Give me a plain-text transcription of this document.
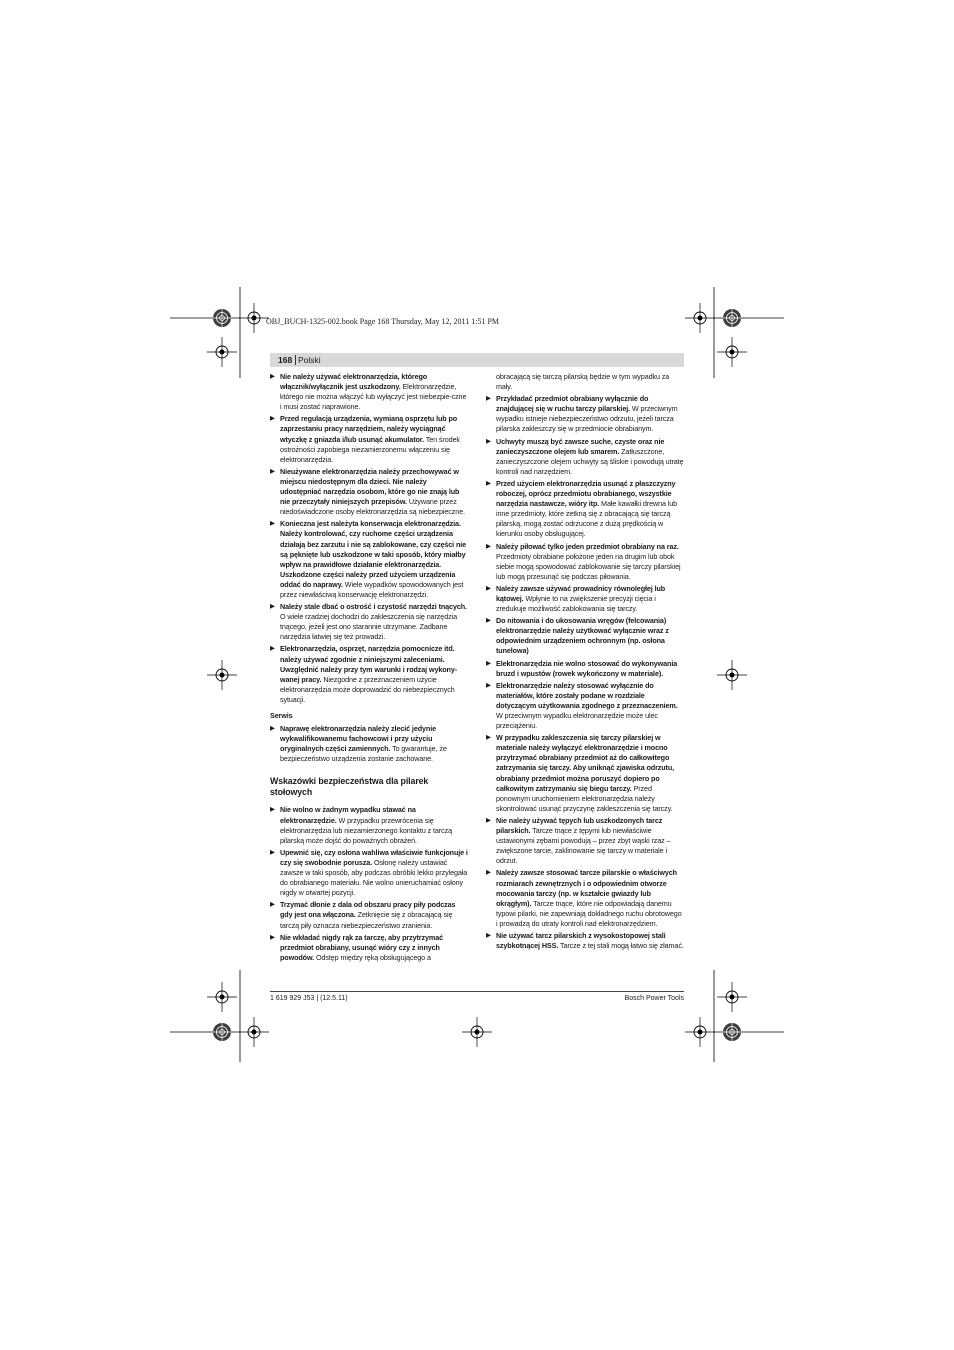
OBJ_BUCH-1325-002.book Page 168 Thursday, May 12, 2011 1:51 PM
168 Polski
▶ Nie należy używać elektronarzędzia, którego włącznik/wyłącznik jest uszkodzony. Elektronarzędzie, którego nie można włączyć lub wyłączyć jest niebezpie-czne i musi zostać naprawione.
▶ Przed regulacją urządzenia, wymianą osprzętu lub po zaprzestaniu pracy narzędziem, należy wyciągnąć wtyczkę z gniazda i/lub usunąć akumulator. Ten środek ostrożności zapobiega niezamierzonemu włączeniu się elektronarzędzia.
▶ Nieużywane elektronarzędzia należy przechowywać w miejscu niedostępnym dla dzieci. Nie należy udostępniać narzędzia osobom, które go nie znają lub nie przeczytały niniejszych przepisów. Używane przez niedoświadczone osoby elektronarzędzia są niebezpieczne.
▶ Konieczna jest należyta konserwacja elektronarzędzia. Należy kontrolować, czy ruchome części urządzenia działają bez zarzutu i nie są zablokowane, czy części nie są pęknięte lub uszkodzone w taki sposób, który miałby wpływ na prawidłowe działanie elektronarzędzia. Uszkodzone części należy przed użyciem urządzenia oddać do naprawy. Wiele wypadków spowodowanych jest przez niewłaściwą konserwację elektronarzędzi.
▶ Należy stale dbać o ostrość i czystość narzędzi tnących. O wiele rzadziej dochodzi do zakleszczenia się narzędzia tnącego, jeżeli jest ono starannie utrzymane. Zadbane narzędzia łatwiej się też prowadzi.
▶ Elektronarzędzia, osprzęt, narzędzia pomocnicze itd. należy używać zgodnie z niniejszymi zaleceniami. Uwzględnić należy przy tym warunki i rodzaj wykony-wanej pracy. Niezgodne z przeznaczeniem użycie elektronarzędzia może doprowadzić do niebezpiecznych sytuacji.
Serwis
▶ Naprawę elektronarzędzia należy zlecić jedynie wykwalifikowanemu fachowcowi i przy użyciu oryginalnych części zamiennych. To gwarantuje, że bezpieczeństwo urządzenia zostanie zachowane.
Wskazówki bezpieczeństwa dla pilarek stołowych
▶ Nie wolno w żadnym wypadku stawać na elektronarzędzie. W przypadku przewrócenia się elektronarzędzia lub niezamierzonego kontaktu z tarczą pilarską może dojść do poważnych obrażeń.
▶ Upewnić się, czy osłona wahliwa właściwie funkcjonuje i czy się swobodnie porusza. Osłonę należy ustawiać zawsze w taki sposób, aby podczas obróbki lekko przylegała do obrabianego materiału. Nie wolno unieruchamiać osłony nigdy w otwartej pozycji.
▶ Trzymać dłonie z dala od obszaru pracy piły podczas gdy jest ona włączona. Zetknięcie się z obracającą się tarczą piły oznacza niebezpieczeństwo zranienia.
▶ Nie wkładać nigdy rąk za tarczę, aby przytrzymać przedmiot obrabiany, usunąć wióry czy z innych powodów. Odstęp między ręką obsługującego a
obracającą się tarczą pilarską będzie w tym wypadku za mały.
▶ Przykładać przedmiot obrabiany wyłącznie do znajdującej się w ruchu tarczy pilarskiej. W przeciwnym wypadku istnieje niebezpieczeństwo odrzutu, jeżeli tarcza pilarska zakleszczy się w przedmiocie obrabianym.
▶ Uchwyty muszą być zawsze suche, czyste oraz nie zanieczyszczone olejem lub smarem. Zatłuszczone, zanieczyszczone olejem uchwyty są śliskie i powodują utratę kontroli nad narzędziem.
▶ Przed użyciem elektronarzędzia usunąć z płaszczyzny roboczej, oprócz przedmiotu obrabianego, wszystkie narzędzia nastawcze, wióry itp. Małe kawałki drewna lub inne przedmioty, które zetkną się z obracającą się tarczą pilarską, mogą zostać odrzucone z dużą prędkością w kierunku osoby obsługującej.
▶ Należy piłować tylko jeden przedmiot obrabiany na raz. Przedmioty obrabiane położone jeden na drugim lub obok siebie mogą spowodować zablokowanie się tarczy pilarskiej lub mogą przesunąć się podczas piłowania.
▶ Należy zawsze używać prowadnicy równoległej lub kątowej. Wpłynie to na zwiększenie precyzji cięcia i zredukuje możliwość zablokowania się tarczy.
▶ Do nitowania i do ukosowania wręgów (felcowania) elektronarzędzie należy użytkować wyłącznie wraz z odpowiednim urządzeniem ochronnym (np. osłona tunelowa)
▶ Elektronarzędzia nie wolno stosować do wykonywania bruzd i wpustów (rowek wykończony w materiale).
▶ Elektronarzędzie należy stosować wyłącznie do materiałów, które zostały podane w rozdziale dotyczącym użytkowania zgodnego z przeznaczeniem. W przeciwnym wypadku elektronarzędzie może ulec przeciążeniu.
▶ W przypadku zakleszczenia się tarczy pilarskiej w materiale należy wyłączyć elektronarzędzie i mocno przytrzymać obrabiany przedmiot aż do całkowitego zatrzymania się tarczy. Aby uniknąć zjawiska odrzutu, obrabiany przedmiot można poruszyć dopiero po całkowitym zatrzymaniu się biegu tarczy. Przed ponownym uruchomieniem elektronarzędzia należy skontrolować usunąć przyczynę zakleszczenia się tarczy.
▶ Nie należy używać tępych lub uszkodzonych tarcz pilarskich. Tarcze tnące z tępymi lub niewłaściwie ustawionymi zębami powodują – przez zbyt wąski rzaz – zwiększone tarcie, zaklinowanie się tarczy w materiale i odrzut.
▶ Należy zawsze stosować tarcze pilarskie o właściwych rozmiarach zewnętrznych i o odpowiednim otworze mocowania tarczy (np. w kształcie gwiazdy lub okrągłym). Tarcze tnące, które nie odpowiadają danemu typowi pilarki, nie zapewniają dokładnego ruchu obrotowego i prowadzą do utraty kontroli nad elektronarzędziem.
▶ Nie używać tarcz pilarskich z wysokostopowej stali szybkotnącej HSS. Tarcze z tej stali mogą łatwo się złamać.
1 619 929 J53 | (12.5.11)	Bosch Power Tools
